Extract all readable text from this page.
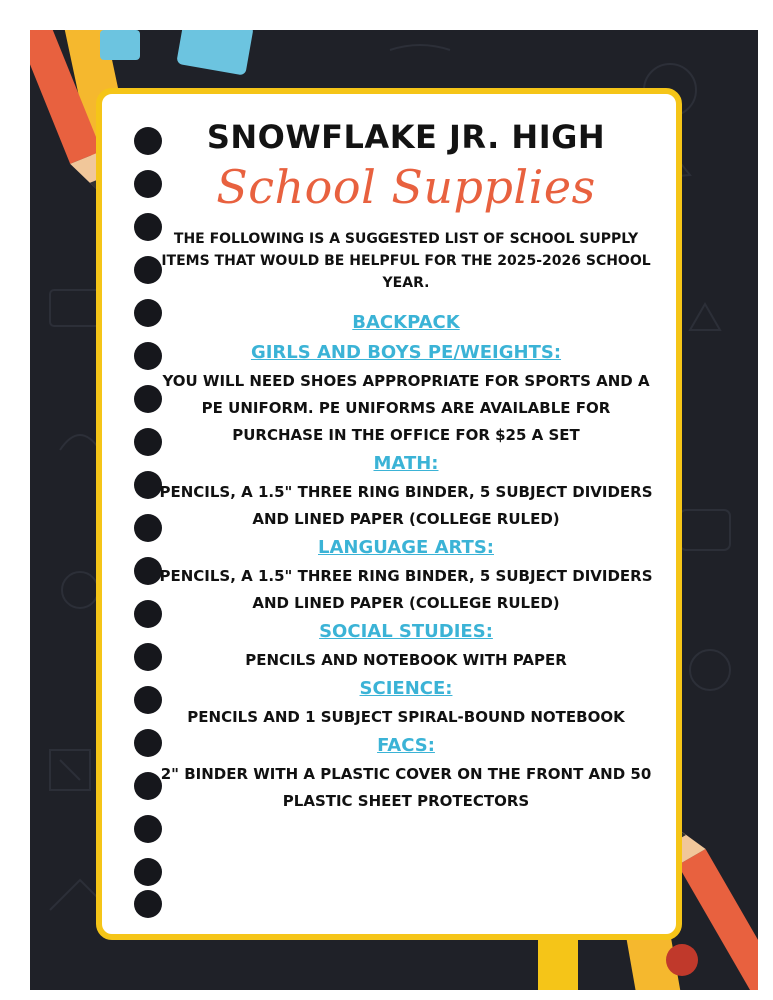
SNOWFLAKE JR. HIGH
School Supplies
THE FOLLOWING IS A SUGGESTED LIST OF SCHOOL SUPPLY ITEMS THAT WOULD BE HELPFUL FOR THE 2025-2026 SCHOOL YEAR.
BACKPACK
GIRLS AND BOYS PE/WEIGHTS:
YOU WILL NEED SHOES APPROPRIATE FOR SPORTS AND A PE UNIFORM. PE UNIFORMS ARE AVAILABLE FOR PURCHASE IN THE OFFICE FOR $25 A SET
MATH:
PENCILS, A 1.5" THREE RING BINDER, 5 SUBJECT DIVIDERS AND LINED PAPER (COLLEGE RULED)
LANGUAGE ARTS:
PENCILS, A 1.5" THREE RING BINDER, 5 SUBJECT DIVIDERS AND LINED PAPER (COLLEGE RULED)
SOCIAL STUDIES:
PENCILS AND NOTEBOOK WITH PAPER
SCIENCE:
PENCILS AND 1 SUBJECT SPIRAL-BOUND NOTEBOOK
FACS:
2" BINDER WITH A PLASTIC COVER ON THE FRONT AND 50 PLASTIC SHEET PROTECTORS
